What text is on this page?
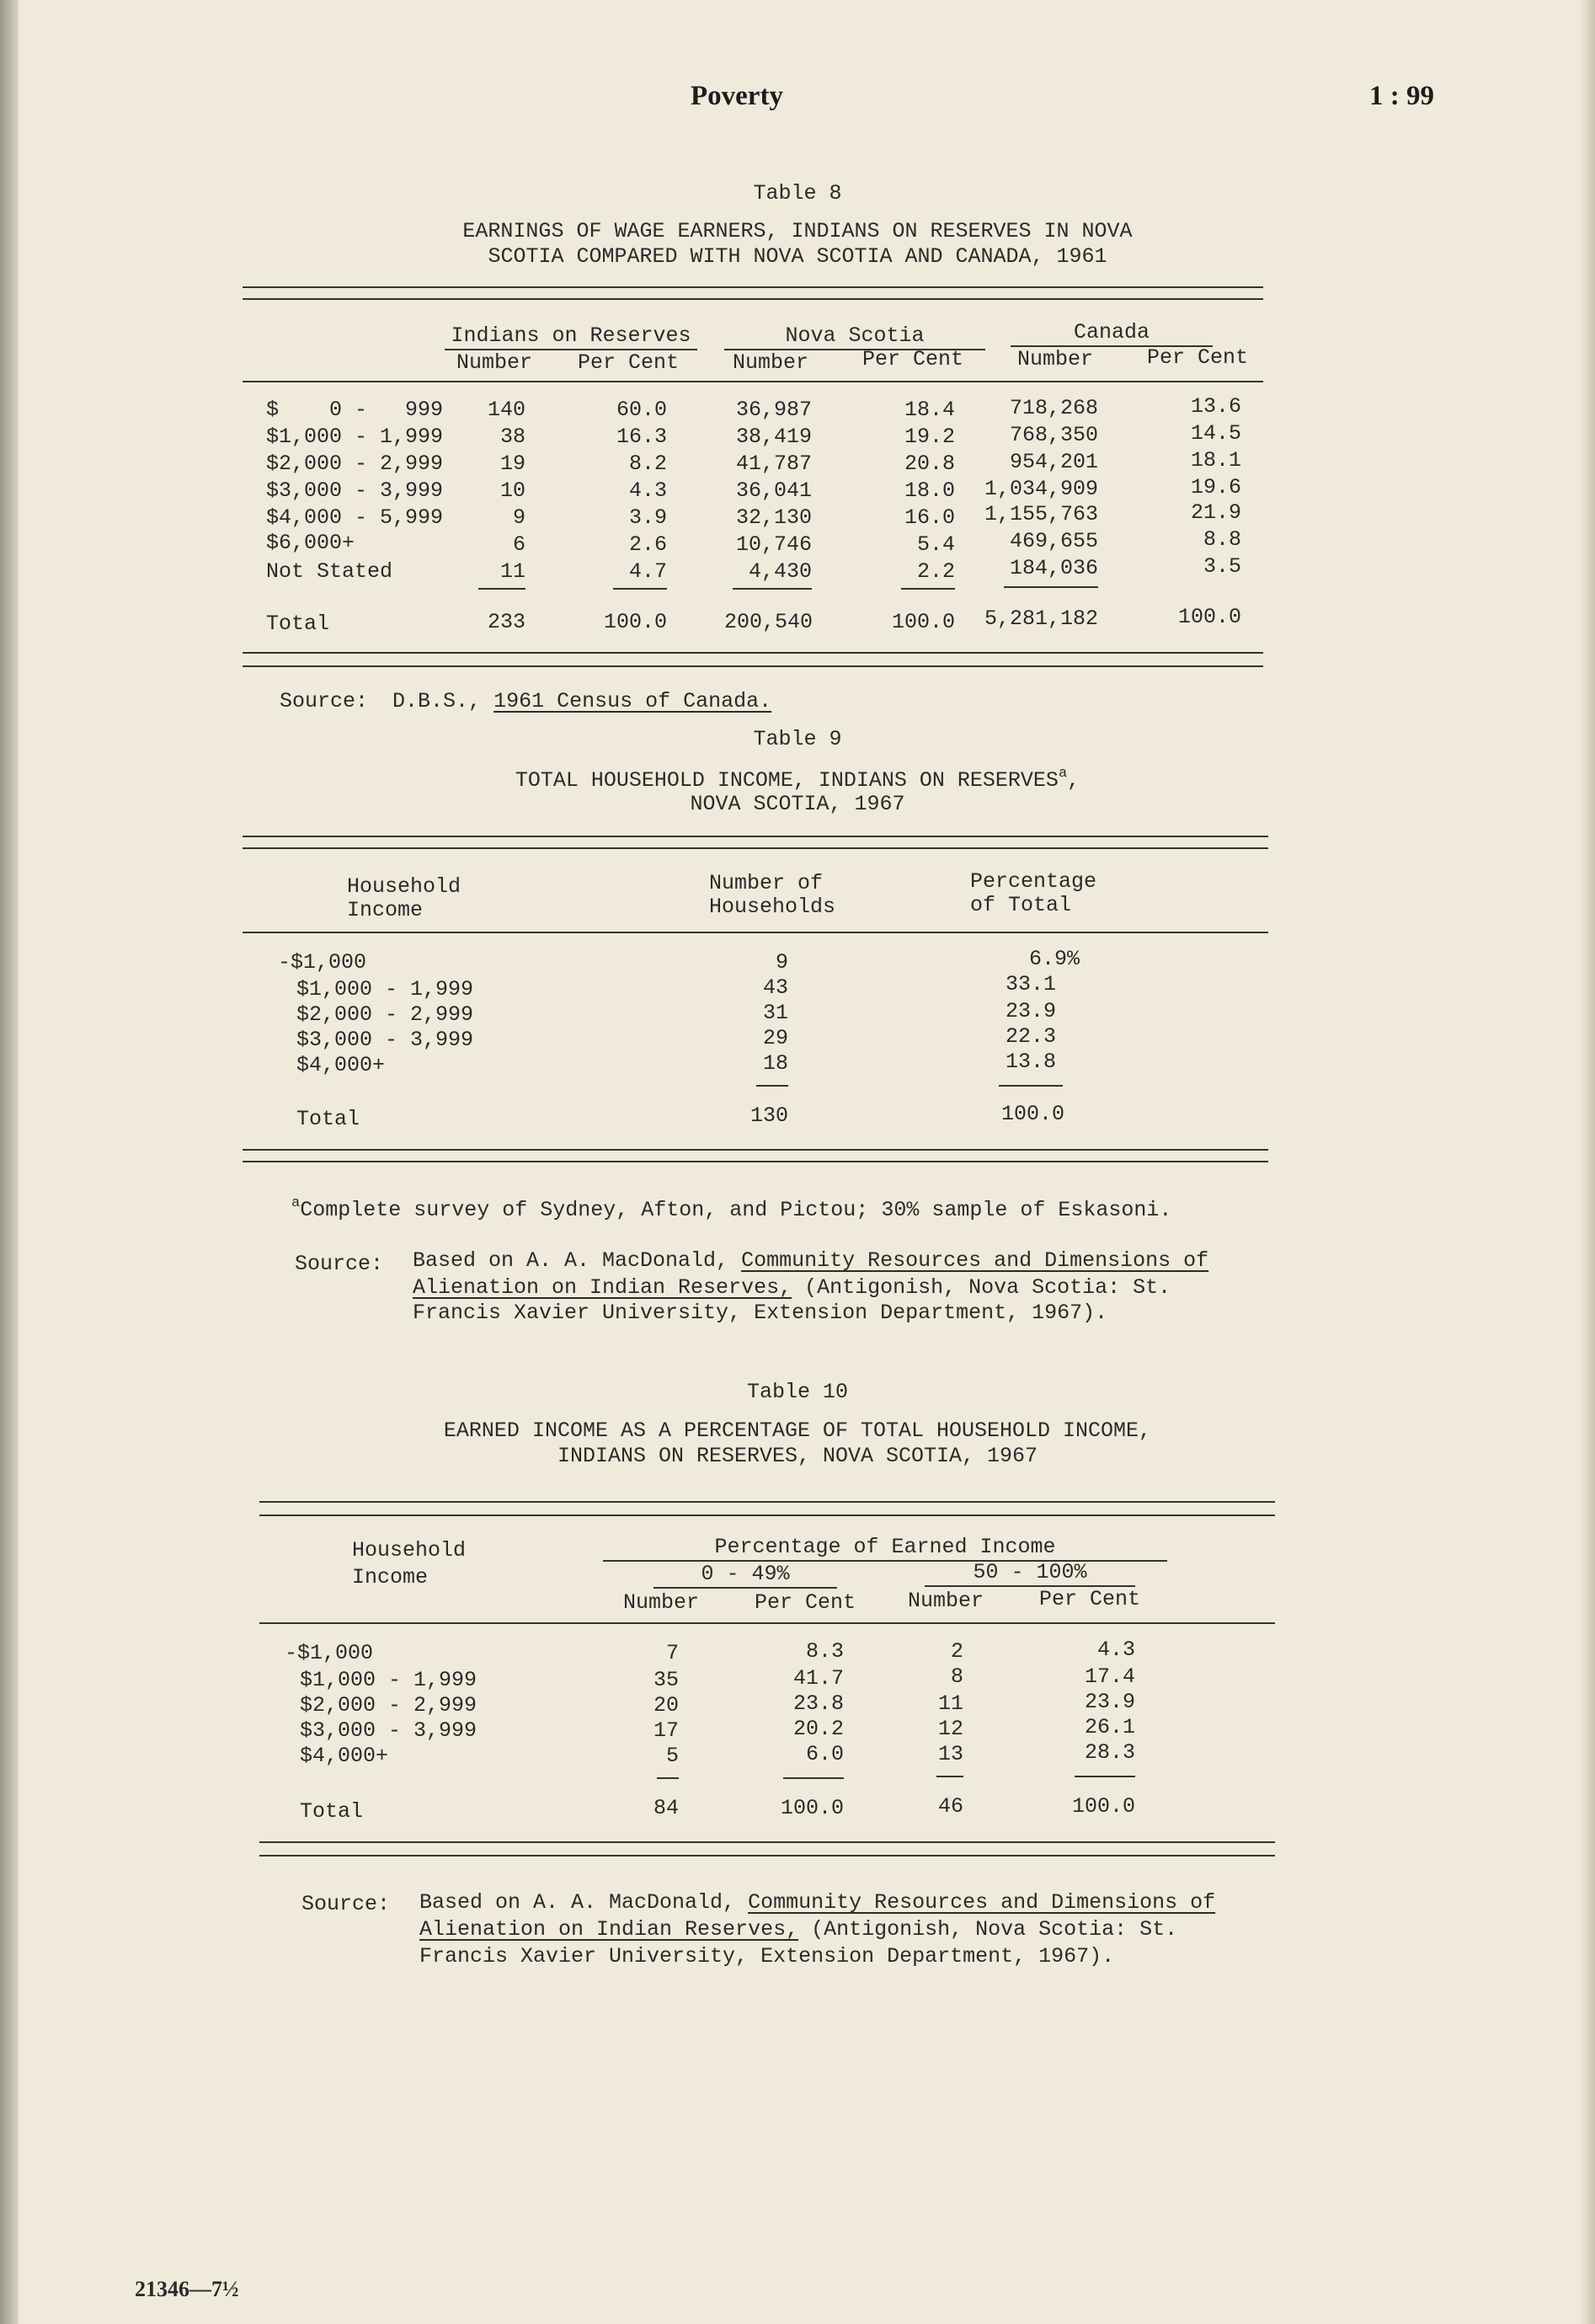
Poverty	1 : 99
Table 8
EARNINGS OF WAGE EARNERS, INDIANS ON RESERVES IN NOVA
SCOTIA COMPARED WITH NOVA SCOTIA AND CANADA, 1961
Indians on Reserves	Nova Scotia	Canada
Number Per Cent	Number	Per Cent	Number	Per Cent
$    0 -   999	140	60.0	36,987	18.4	718,268	13.6
$1,000 - 1,999	38	16.3	38,419	19.2	768,350	14.5
$2,000 - 2,999	19	8.2	41,787	20.8	954,201	18.1
$3,000 - 3,999	10	4.3	36,041	18.0	1,034,909	19.6
$4,000 - 5,999	9	3.9	32,130	16.0	1,155,763	21.9
$6,000+	6	2.6	10,746	5.4	469,655	8.8
Not Stated	11	4.7	4,430	2.2	184,036	3.5
Total	233	100.0	200,540	100.0	5,281,182	100.0
Source: D.B.S., 1961 Census of Canada.
Table 9
TOTAL HOUSEHOLD INCOME, INDIANS ON RESERVES$^a$,
NOVA SCOTIA, 1967
Household
Income
Number of
Households
Percentage
of Total
-$1,000	9	6.9%
$1,000 - 1,999	43	33.1
$2,000 - 2,999	31	23.9
$3,000 - 3,999	29	22.3
$4,000+	18	13.8
Total	130	100.0
$^a$Complete survey of Sydney, Afton, and Pictou; 30% sample of Eskasoni.
Source: Based on A. A. MacDonald, Community Resources and Dimensions of
Alienation on Indian Reserves, (Antigonish, Nova Scotia: St.
Francis Xavier University, Extension Department, 1967).
Table 10
EARNED INCOME AS A PERCENTAGE OF TOTAL HOUSEHOLD INCOME,
INDIANS ON RESERVES, NOVA SCOTIA, 1967
Household
Income
Percentage of Earned Income
0 - 49%	50 - 100%
Number	Per Cent Number	Per Cent
-$1,000	7	8.3	2	4.3
$1,000 - 1,999	35	41.7	8	17.4
$2,000 - 2,999	20	23.8	11	23.9
$3,000 - 3,999	17	20.2	12	26.1
$4,000+	5	6.0	13	28.3
Total	84	100.0	46	100.0
Source: Based on A. A. MacDonald, Community Resources and Dimensions of
Alienation on Indian Reserves, (Antigonish, Nova Scotia: St.
Francis Xavier University, Extension Department, 1967).
21346—7½
